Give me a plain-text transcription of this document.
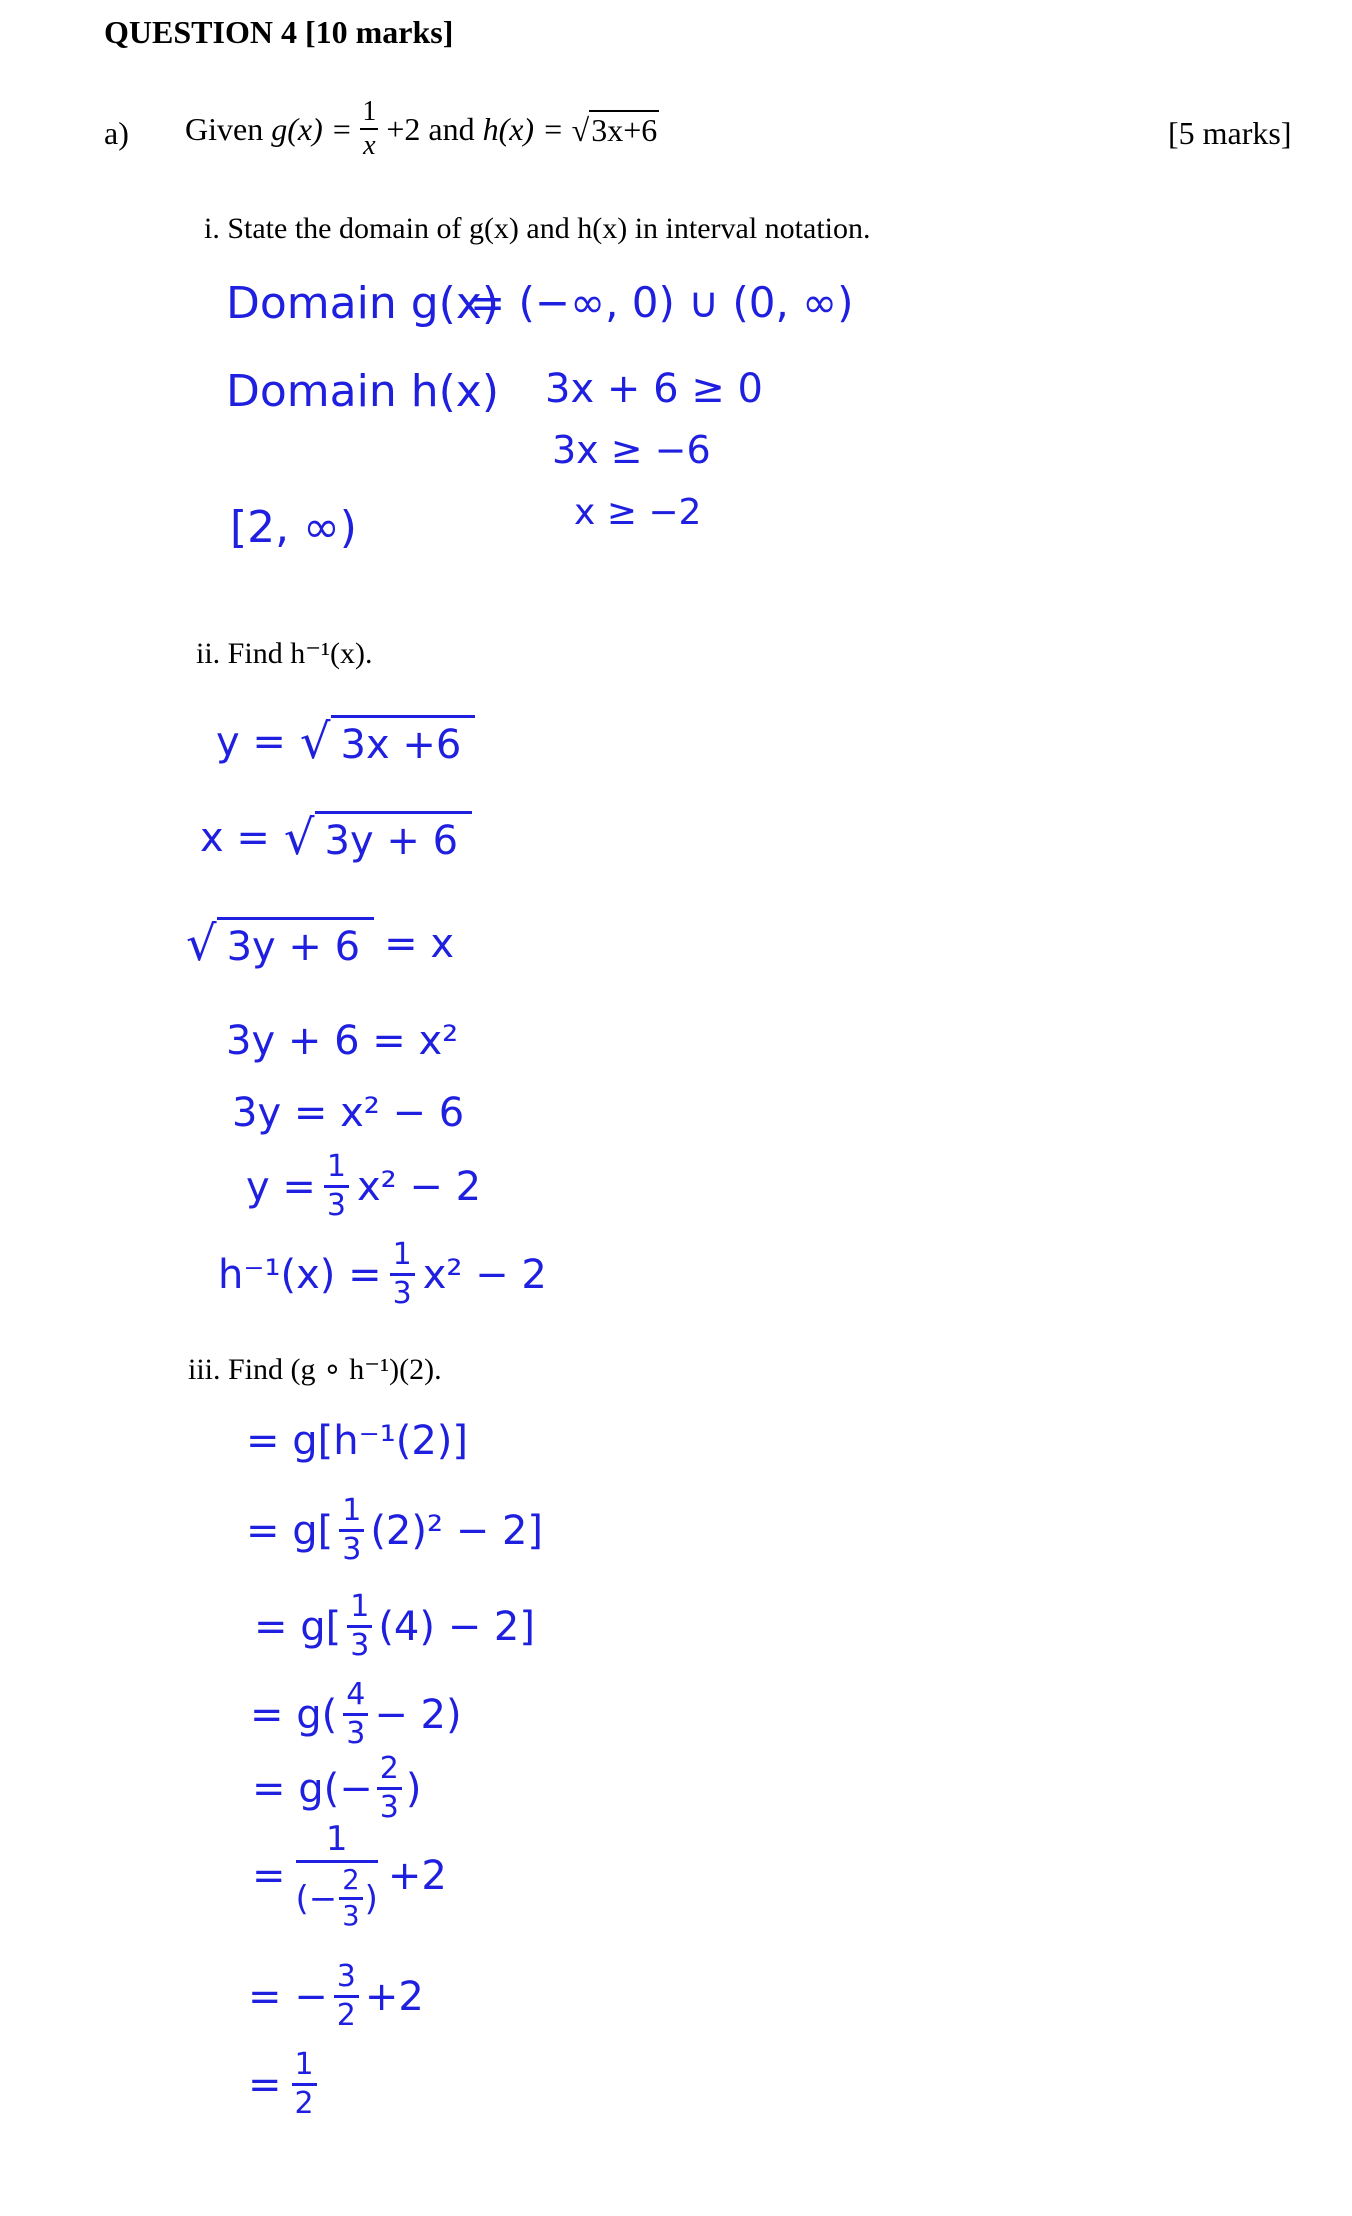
QUESTION 4 [10 marks]
a) Given $g(x) = \frac{1}{x} +2$ and h(x) = √3x+6	[5 marks]
i. State the domain of g(x) and h(x) in interval notation.
Domain g(x)
= (−∞, 0) ∪ (0, ∞)
Domain h(x) 3x + 6 ≥ 0
3x ≥ −6
x ≥ −2
[2, ∞)
ii. Find h⁻¹(x).
y = √ 3x +6
x = √ 3y + 6
√ 3y + 6 = x
3y + 6 = x²
3y = x² − 6
$y = \frac{1}{3} x^2 - 2$
$h^{-1}(x) = \frac{1}{3} x^2 - 2$
iii. Find (g ∘ h⁻¹)(2).
= g[h⁻¹(2)]
= $g[ \frac{1}{3} (2)^2 - 2]$
= $g[ \frac{1}{3} (4) - 2]$
= $g( \frac{4}{3} - 2)$
= $g(- \frac{2}{3}$ )
= $\frac{1}{(- \frac{2}{3} )} +2$
= − $\frac{3}{2} +2$
= $\frac{1}{2}$
